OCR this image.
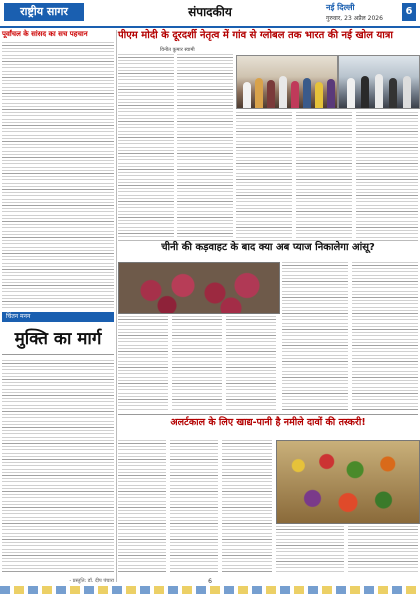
राष्ट्रीय सागर	संपादकीय	नई दिल्ली
गुरुवार, 23 अप्रैल 2026
6
पूर्वांचल के सांसद का सच पहचान
चिंतन मनन
मुक्ति का मार्ग
- प्रस्तुति: डॉ. दीप पंचारा
पीएम मोदी के दूरदर्शी नेतृत्व में गांव से ग्लोबल तक भारत की नई खोल यात्रा
विनीत कुमार स्वामी
चीनी की कड़वाहट के बाद क्या अब प्याज निकालेगा आंसू?
अलर्टकाल के लिए खाद्य-पानी है नमीले दावों की तस्करी!
6
